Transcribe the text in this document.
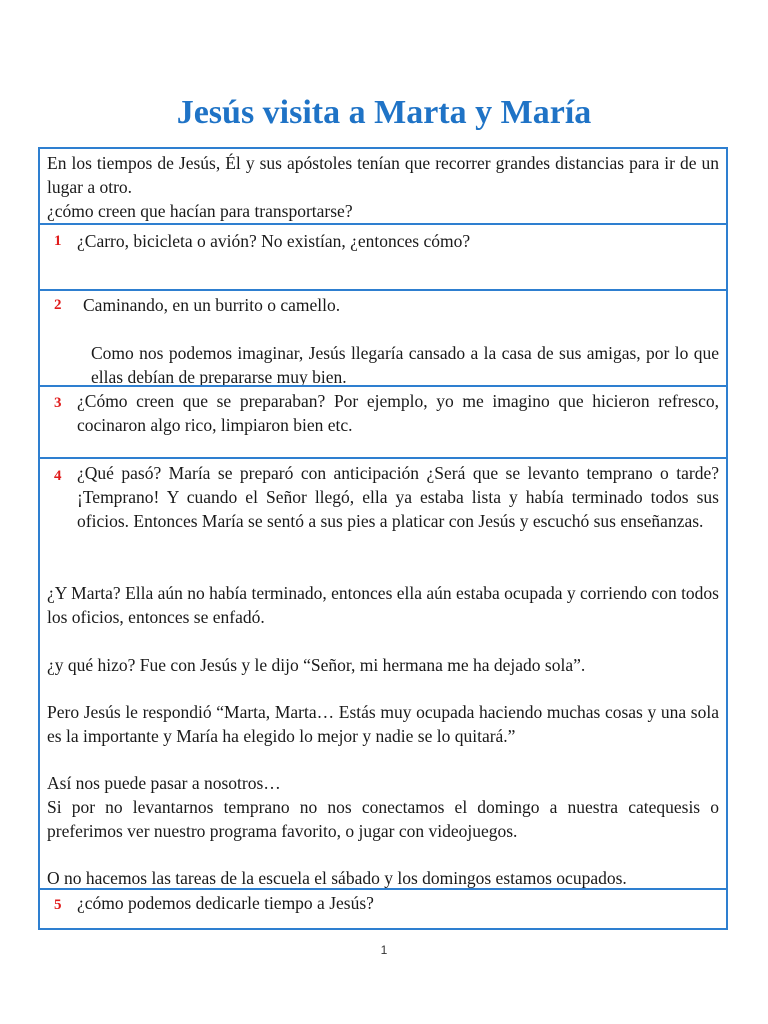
Jesús visita a Marta y María

En los tiempos de Jesús, Él y sus apóstoles tenían que recorrer grandes distancias para ir de un lugar a otro.

¿cómo creen que hacían para transportarse?

1 ¿Carro, bicicleta o avión? No existían, ¿entonces cómo?
2 Caminando, en un burrito o camello.
Como nos podemos imaginar, Jesús llegaría cansado a la casa de sus amigas, por lo que ellas debían de prepararse muy bien.
3 ¿Cómo creen que se preparaban? Por ejemplo, yo me imagino que hicieron refresco, cocinaron algo rico, limpiaron bien etc.
4 ¿Qué pasó? María se preparó con anticipación ¿Será que se levanto temprano o tarde? ¡Temprano! Y cuando el Señor llegó, ella ya estaba lista y había terminado todos sus oficios. Entonces María se sentó a sus pies a platicar con Jesús y escuchó sus enseñanzas.
¿Y Marta? Ella aún no había terminado, entonces ella aún estaba ocupada y corriendo con todos los oficios, entonces se enfadó.
¿y qué hizo? Fue con Jesús y le dijo “Señor, mi hermana me ha dejado sola”.
Pero Jesús le respondió “Marta, Marta… Estás muy ocupada haciendo muchas cosas y una sola es la importante y María ha elegido lo mejor y nadie se lo quitará.”
Así nos puede pasar a nosotros…
Si por no levantarnos temprano no nos conectamos el domingo a nuestra catequesis o preferimos ver nuestro programa favorito, o jugar con videojuegos.
O no hacemos las tareas de la escuela el sábado y los domingos estamos ocupados.
5 ¿cómo podemos dedicarle tiempo a Jesús?
1
